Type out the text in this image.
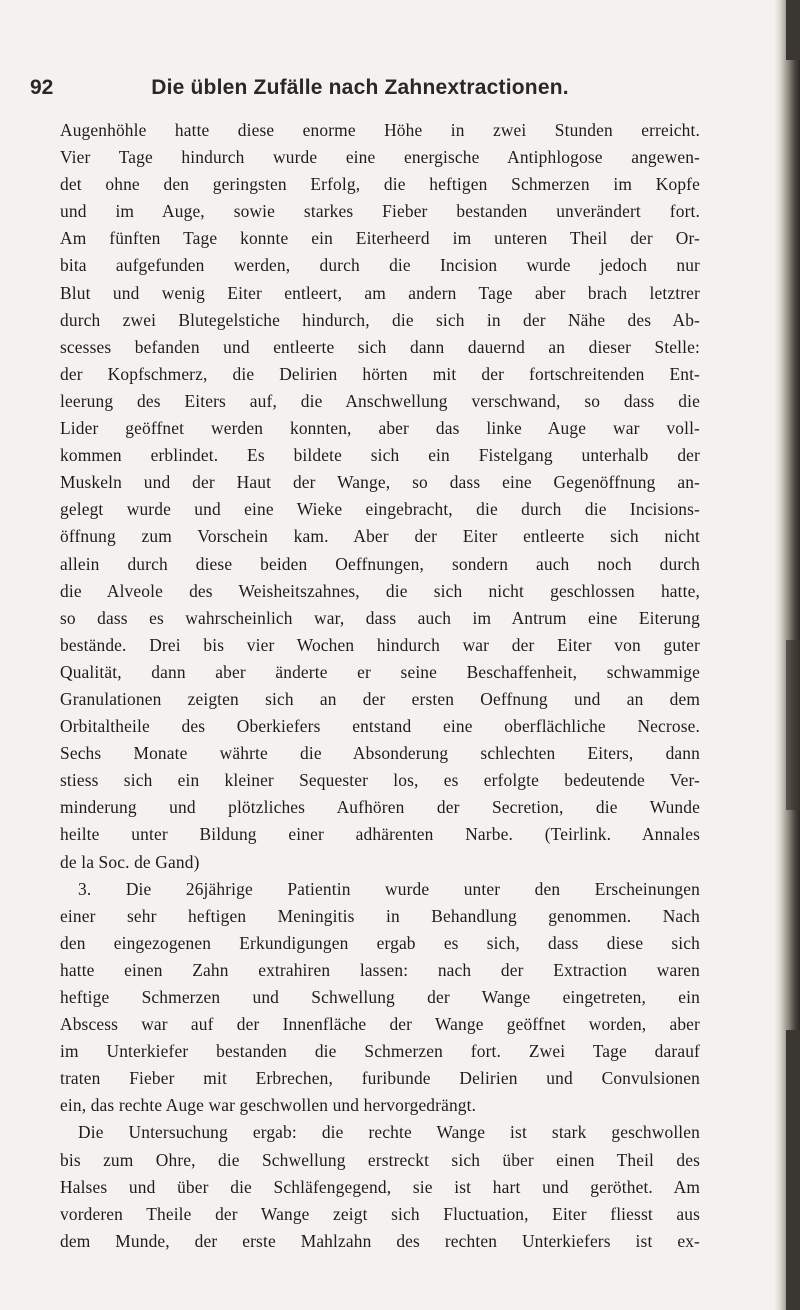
92	Die üblen Zufälle nach Zahnextractionen.
Augenhöhle hatte diese enorme Höhe in zwei Stunden erreicht.
Vier Tage hindurch wurde eine energische Antiphlogose angewen-
det ohne den geringsten Erfolg, die heftigen Schmerzen im Kopfe
und im Auge, sowie starkes Fieber bestanden unverändert fort.
Am fünften Tage konnte ein Eiterheerd im unteren Theil der Or-
bita aufgefunden werden, durch die Incision wurde jedoch nur
Blut und wenig Eiter entleert, am andern Tage aber brach letztrer
durch zwei Blutegelstiche hindurch, die sich in der Nähe des Ab-
scesses befanden und entleerte sich dann dauernd an dieser Stelle:
der Kopfschmerz, die Delirien hörten mit der fortschreitenden Ent-
leerung des Eiters auf, die Anschwellung verschwand, so dass die
Lider geöffnet werden konnten, aber das linke Auge war voll-
kommen erblindet. Es bildete sich ein Fistelgang unterhalb der
Muskeln und der Haut der Wange, so dass eine Gegenöffnung an-
gelegt wurde und eine Wieke eingebracht, die durch die Incisions-
öffnung zum Vorschein kam. Aber der Eiter entleerte sich nicht
allein durch diese beiden Oeffnungen, sondern auch noch durch
die Alveole des Weisheitszahnes, die sich nicht geschlossen hatte,
so dass es wahrscheinlich war, dass auch im Antrum eine Eiterung
bestände. Drei bis vier Wochen hindurch war der Eiter von guter
Qualität, dann aber änderte er seine Beschaffenheit, schwammige
Granulationen zeigten sich an der ersten Oeffnung und an dem
Orbitaltheile des Oberkiefers entstand eine oberflächliche Necrose.
Sechs Monate währte die Absonderung schlechten Eiters, dann
stiess sich ein kleiner Sequester los, es erfolgte bedeutende Ver-
minderung und plötzliches Aufhören der Secretion, die Wunde
heilte unter Bildung einer adhärenten Narbe. (Teirlink. Annales
de la Soc. de Gand)
3. Die 26jährige Patientin wurde unter den Erscheinungen
einer sehr heftigen Meningitis in Behandlung genommen. Nach
den eingezogenen Erkundigungen ergab es sich, dass diese sich
hatte einen Zahn extrahiren lassen: nach der Extraction waren
heftige Schmerzen und Schwellung der Wange eingetreten, ein
Abscess war auf der Innenfläche der Wange geöffnet worden, aber
im Unterkiefer bestanden die Schmerzen fort. Zwei Tage darauf
traten Fieber mit Erbrechen, furibunde Delirien und Convulsionen
ein, das rechte Auge war geschwollen und hervorgedrängt.
Die Untersuchung ergab: die rechte Wange ist stark geschwollen
bis zum Ohre, die Schwellung erstreckt sich über einen Theil des
Halses und über die Schläfengegend, sie ist hart und geröthet. Am
vorderen Theile der Wange zeigt sich Fluctuation, Eiter fliesst aus
dem Munde, der erste Mahlzahn des rechten Unterkiefers ist ex-
